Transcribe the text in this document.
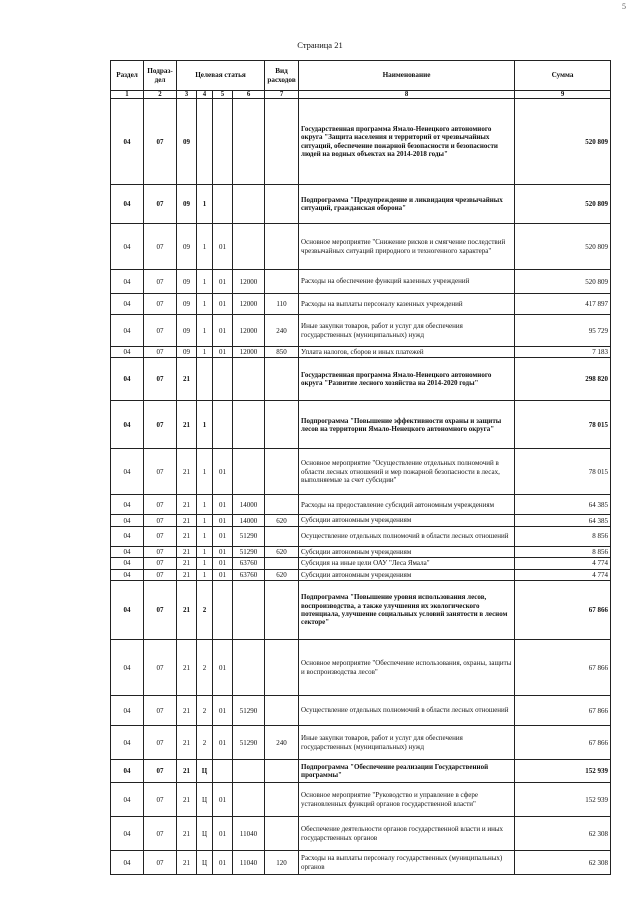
5
Страница 21
Раздел	Подраз-дел	Целевая статья				Вид расходов	Наименование	Сумма
1	2	3	4	5	6	7	8	9
04	07	09					Государственная программа Ямало-Ненецкого автономного округа "Защита населения и территорий от чрезвычайных ситуаций, обеспечение пожарной безопасности и безопасности людей на водных объектах на 2014-2018 годы"	520 809
04	07	09	1				Подпрограмма "Предупреждение и ликвидация чрезвычайных ситуаций, гражданская оборона"	520 809
04	07	09	1	01			Основное мероприятие "Снижение рисков и смягчение последствий чрезвычайных ситуаций природного и техногенного характера"	520 809
04	07	09	1	01	12000		Расходы на обеспечение функций казенных учреждений	520 809
04	07	09	1	01	12000	110	Расходы на выплаты персоналу казенных учреждений	417 897
04	07	09	1	01	12000	240	Иные закупки товаров, работ и услуг для обеспечения государственных (муниципальных) нужд	95 729
04	07	09	1	01	12000	850	Уплата налогов, сборов и иных платежей	7 183
04	07	21					Государственная программа Ямало-Ненецкого автономного округа "Развитие лесного хозяйства на 2014-2020 годы"	298 820
04	07	21	1				Подпрограмма "Повышение эффективности охраны и защиты лесов на территории Ямало-Ненецкого автономного округа"	78 015
04	07	21	1	01			Основное мероприятие "Осуществление отдельных полномочий в области лесных отношений и мер пожарной безопасности в лесах, выполняемые за счет субсидии"	78 015
04	07	21	1	01	14000		Расходы на предоставление субсидий автономным учреждениям	64 385
04	07	21	1	01	14000	620	Субсидии автономным учреждениям	64 385
04	07	21	1	01	51290		Осуществление отдельных полномочий в области лесных отношений	8 856
04	07	21	1	01	51290	620	Субсидии автономным учреждениям	8 856
04	07	21	1	01	63760		Субсидия на иные цели ОАУ "Леса Ямала"	4 774
04	07	21	1	01	63760	620	Субсидии автономным учреждениям	4 774
04	07	21	2				Подпрограмма "Повышение уровня использования лесов, воспроизводства, а также улучшения их экологического потенциала, улучшение социальных условий занятости в лесном секторе"	67 866
04	07	21	2	01			Основное мероприятие "Обеспечение использования, охраны, защиты и воспроизводства лесов"	67 866
04	07	21	2	01	51290		Осуществление отдельных полномочий в области лесных отношений	67 866
04	07	21	2	01	51290	240	Иные закупки товаров, работ и услуг для обеспечения государственных (муниципальных) нужд	67 866
04	07	21	Ц				Подпрограмма "Обеспечение реализации Государственной программы"	152 939
04	07	21	Ц	01			Основное мероприятие "Руководство и управление в сфере установленных функций органов государственной власти"	152 939
04	07	21	Ц	01	11040		Обеспечение деятельности органов государственной власти и иных государственных органов	62 308
04	07	21	Ц	01	11040	120	Расходы на выплаты персоналу государственных (муниципальных) органов	62 308
